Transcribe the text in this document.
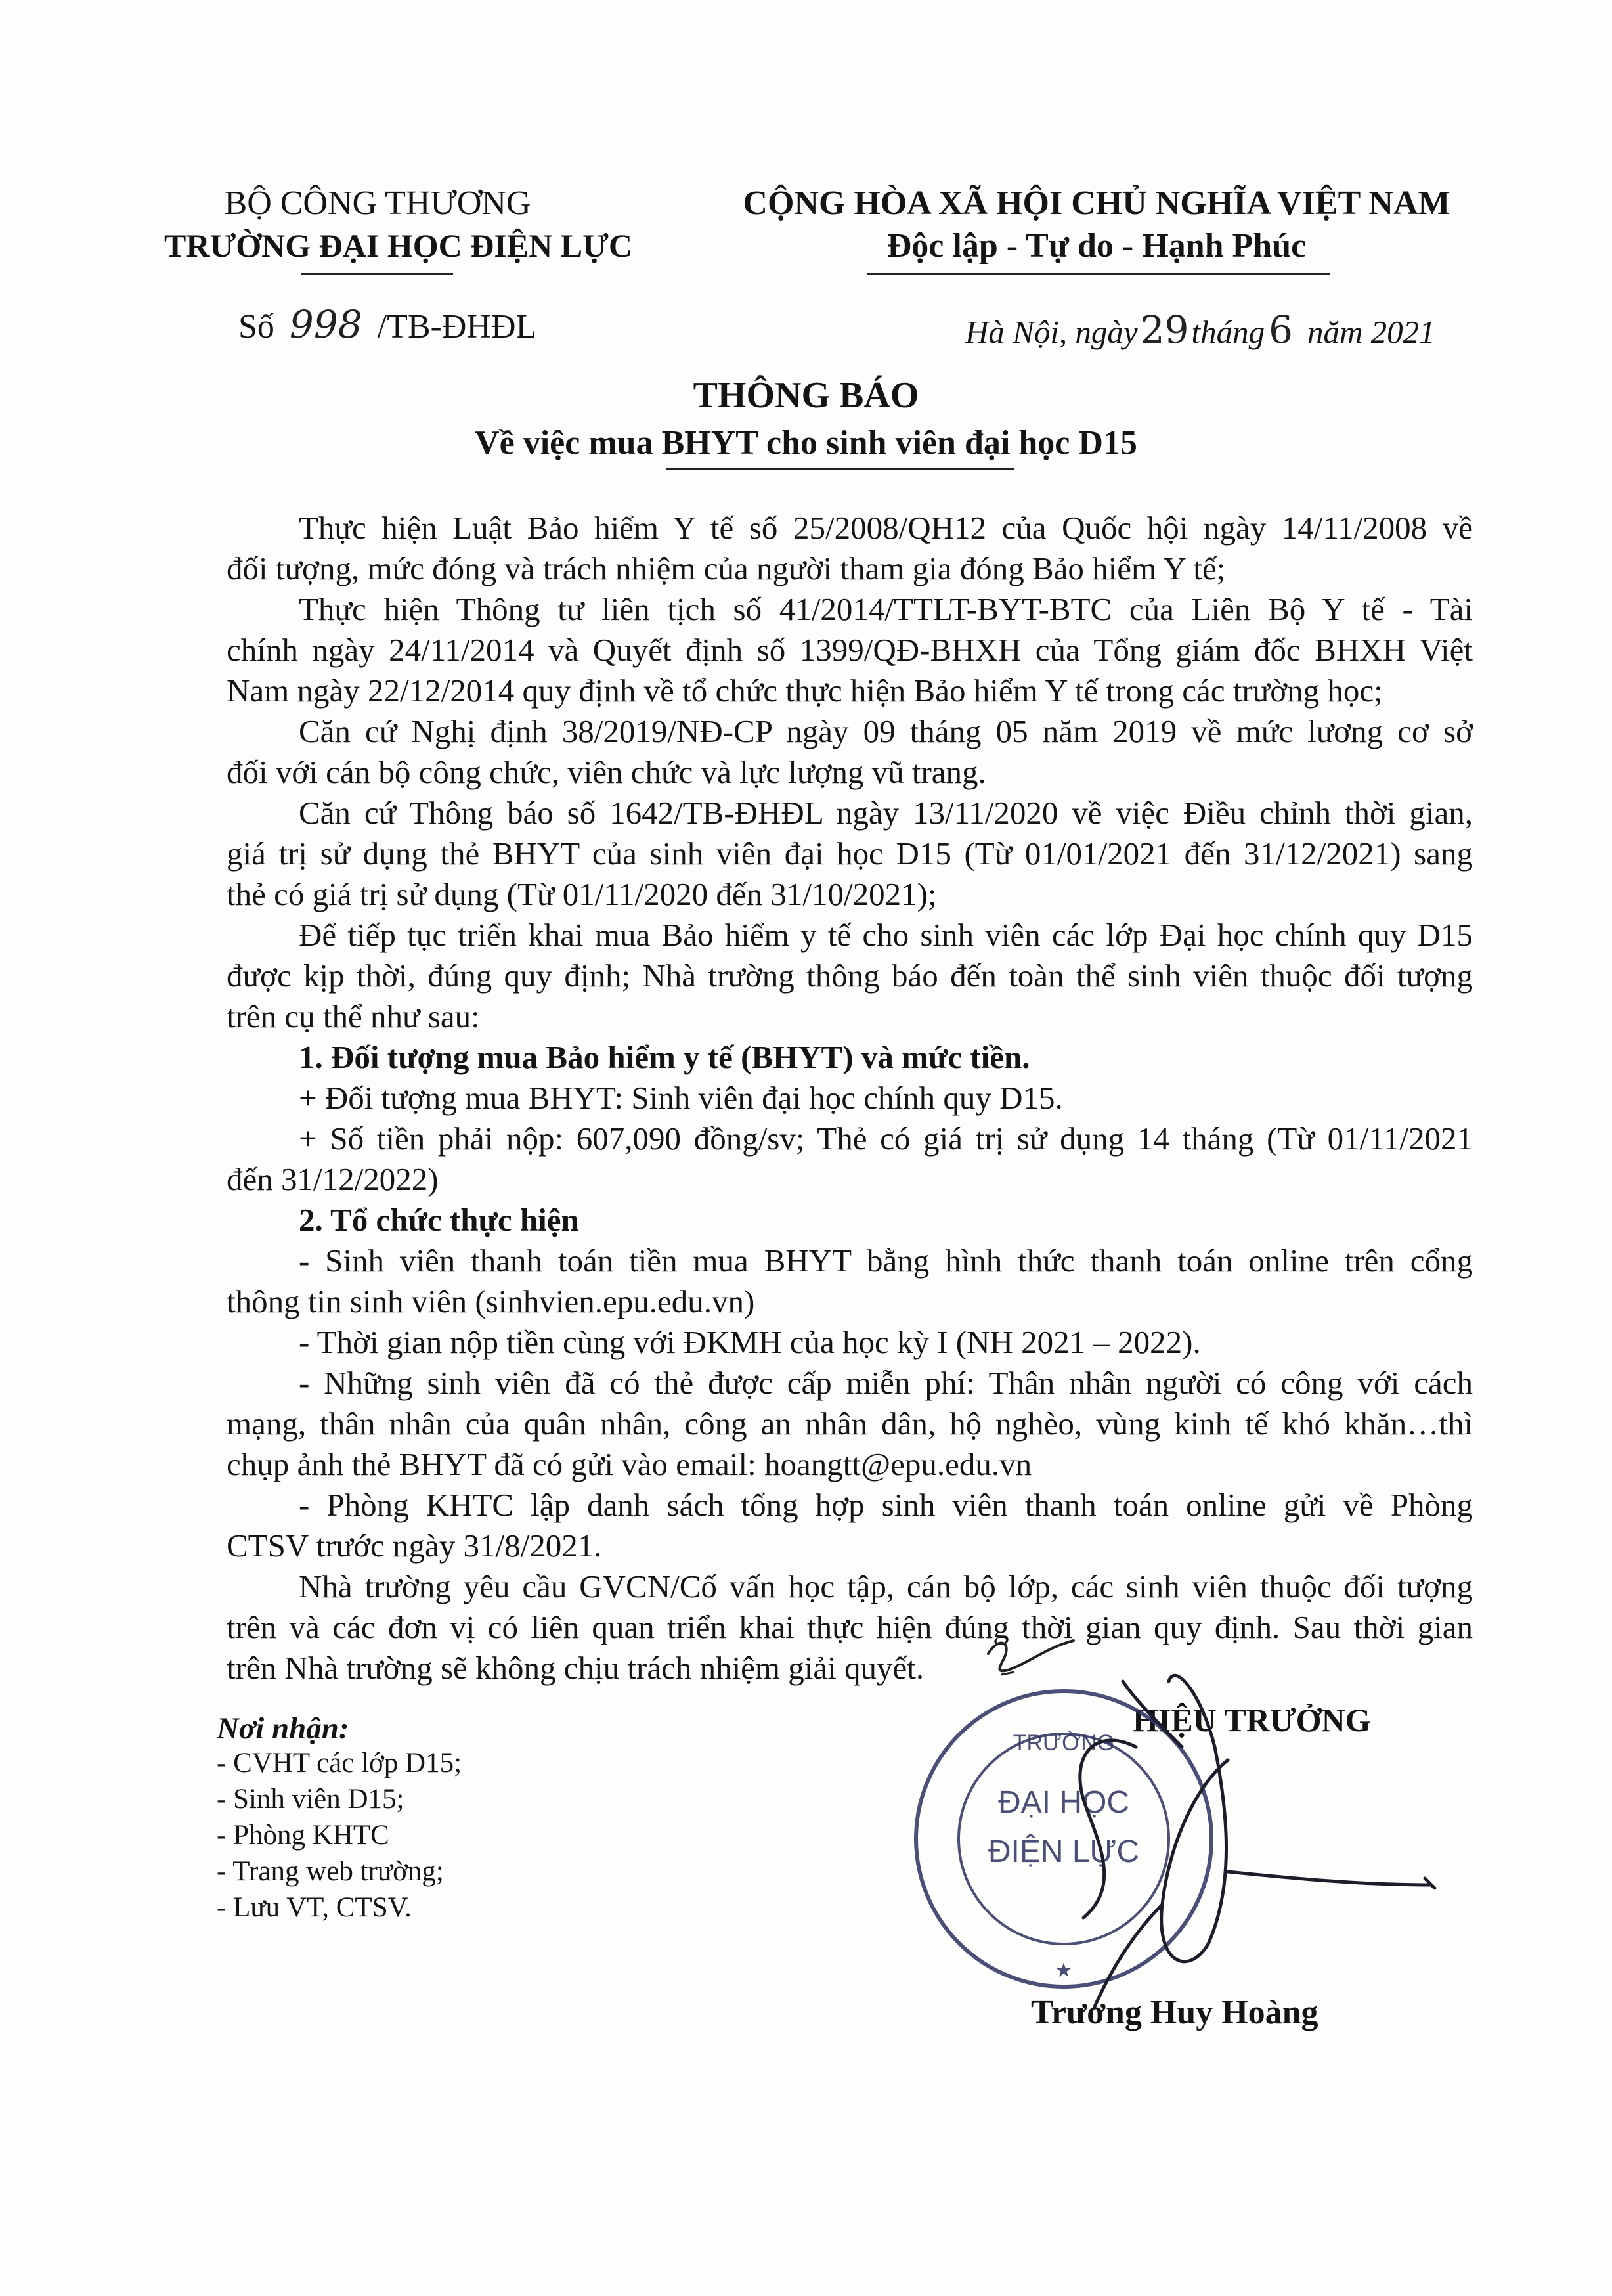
BỘ CÔNG THƯƠNG
TRƯỜNG ĐẠI HỌC ĐIỆN LỰC
Số 998 /TB-ĐHĐL
CỘNG HÒA XÃ HỘI CHỦ NGHĨA VIỆT NAM
Độc lập - Tự do - Hạnh Phúc
Hà Nội, ngày29tháng 6 năm 2021
THÔNG BÁO
Về việc mua BHYT cho sinh viên đại học D15
Thực hiện Luật Bảo hiểm Y tế số 25/2008/QH12 của Quốc hội ngày 14/11/2008 về
đối tượng, mức đóng và trách nhiệm của người tham gia đóng Bảo hiểm Y tế;
Thực hiện Thông tư liên tịch số 41/2014/TTLT-BYT-BTC của Liên Bộ Y tế - Tài
chính ngày 24/11/2014 và Quyết định số 1399/QĐ-BHXH của Tổng giám đốc BHXH Việt
Nam ngày 22/12/2014 quy định về tổ chức thực hiện Bảo hiểm Y tế trong các trường học;
Căn cứ Nghị định 38/2019/NĐ-CP ngày 09 tháng 05 năm 2019 về mức lương cơ sở
đối với cán bộ công chức, viên chức và lực lượng vũ trang.
Căn cứ Thông báo số 1642/TB-ĐHĐL ngày 13/11/2020 về việc Điều chỉnh thời gian,
giá trị sử dụng thẻ BHYT của sinh viên đại học D15 (Từ 01/01/2021 đến 31/12/2021) sang
thẻ có giá trị sử dụng (Từ 01/11/2020 đến 31/10/2021);
Để tiếp tục triển khai mua Bảo hiểm y tế cho sinh viên các lớp Đại học chính quy D15
được kịp thời, đúng quy định; Nhà trường thông báo đến toàn thể sinh viên thuộc đối tượng
trên cụ thể như sau:
1. Đối tượng mua Bảo hiểm y tế (BHYT) và mức tiền.
+ Đối tượng mua BHYT: Sinh viên đại học chính quy D15.
+ Số tiền phải nộp: 607,090 đồng/sv; Thẻ có giá trị sử dụng 14 tháng (Từ 01/11/2021
đến 31/12/2022)
2. Tổ chức thực hiện
- Sinh viên thanh toán tiền mua BHYT bằng hình thức thanh toán online trên cổng
thông tin sinh viên (sinhvien.epu.edu.vn)
- Thời gian nộp tiền cùng với ĐKMH của học kỳ I (NH 2021 – 2022).
- Những sinh viên đã có thẻ được cấp miễn phí: Thân nhân người có công với cách
mạng, thân nhân của quân nhân, công an nhân dân, hộ nghèo, vùng kinh tế khó khăn…thì
chụp ảnh thẻ BHYT đã có gửi vào email: hoangtt@epu.edu.vn
- Phòng KHTC lập danh sách tổng hợp sinh viên thanh toán online gửi về Phòng
CTSV trước ngày 31/8/2021.
Nhà trường yêu cầu GVCN/Cố vấn học tập, cán bộ lớp, các sinh viên thuộc đối tượng
trên và các đơn vị có liên quan triển khai thực hiện đúng thời gian quy định. Sau thời gian
trên Nhà trường sẽ không chịu trách nhiệm giải quyết.
Nơi nhận:
- CVHT các lớp D15;
- Sinh viên D15;
- Phòng KHTC
- Trang web trường;
- Lưu VT, CTSV.
HIỆU TRƯỞNG
Trương Huy Hoàng
TRƯỜNG
ĐẠI HỌC
ĐIỆN LỰC
★
